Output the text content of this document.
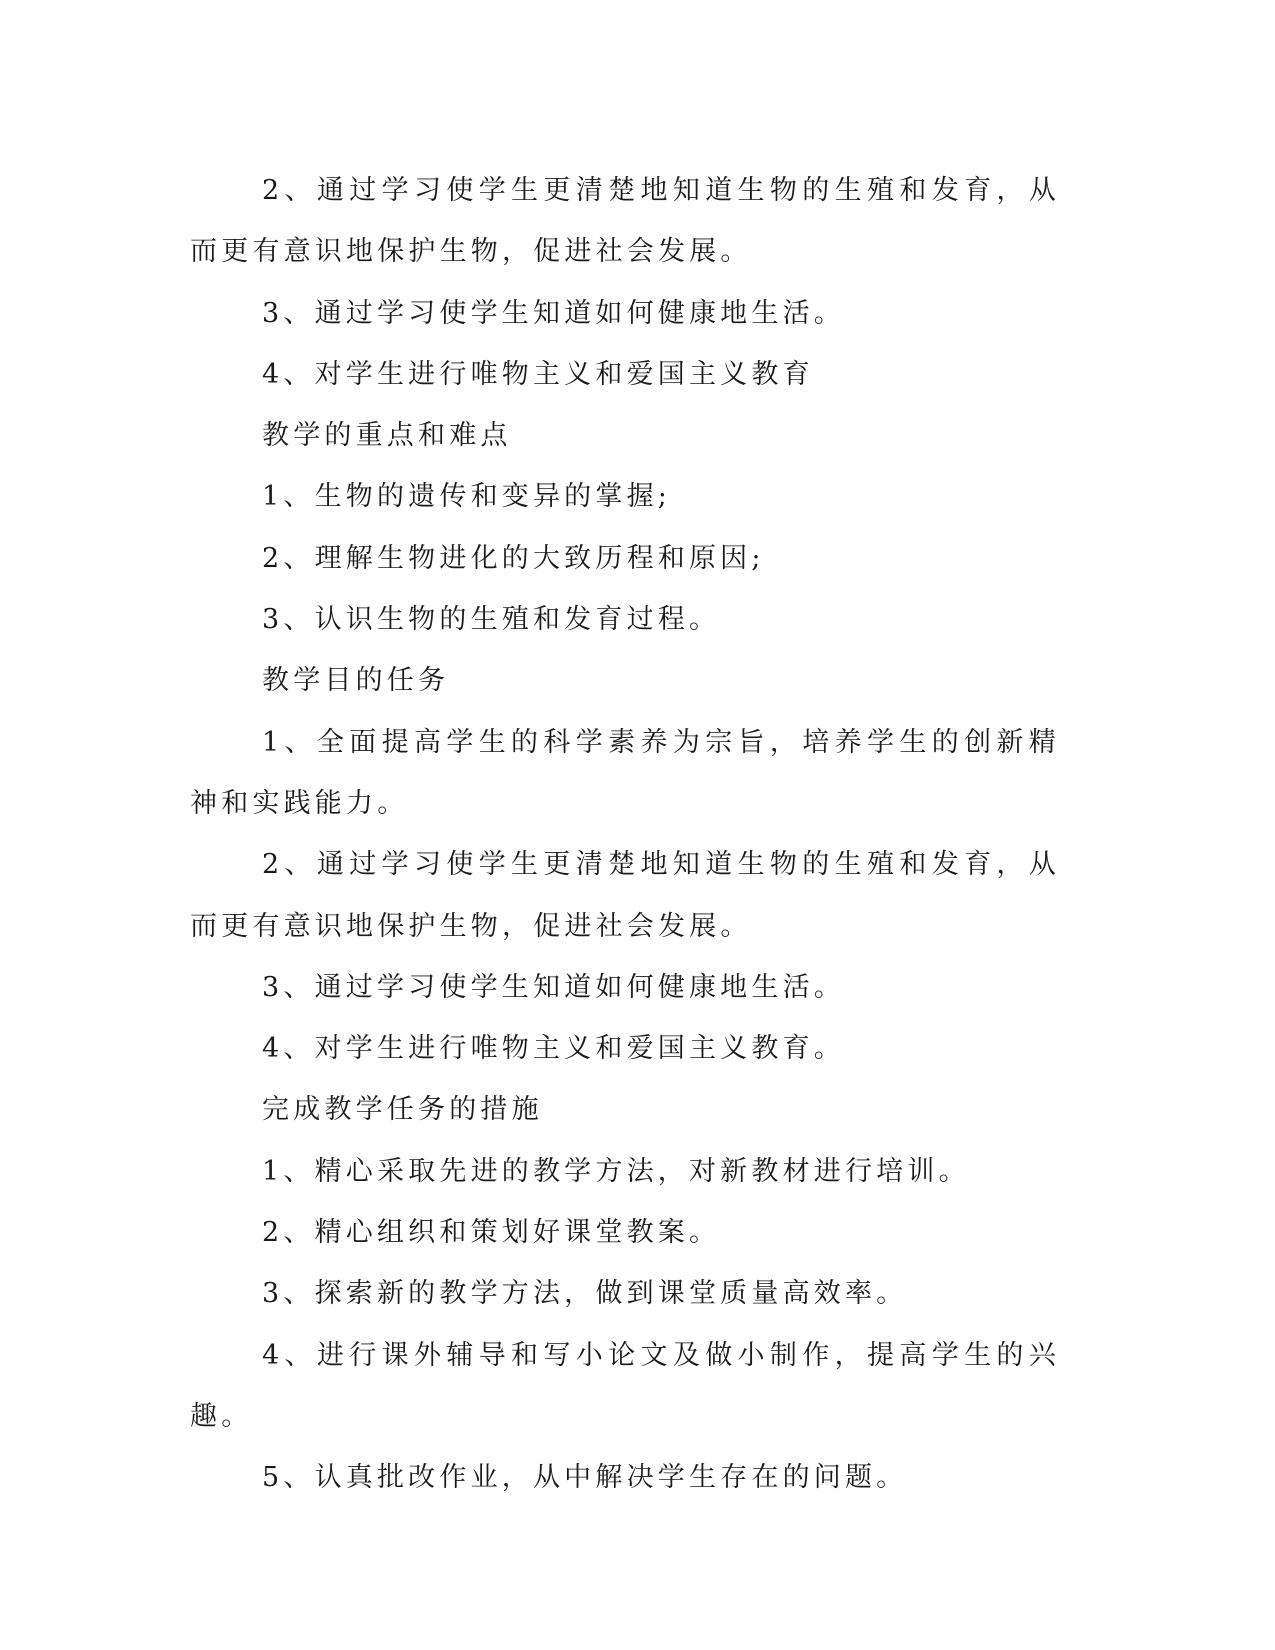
2、通过学习使学生更清楚地知道生物的生殖和发育，从而更有意识地保护生物，促进社会发展。

3、通过学习使学生知道如何健康地生活。

4、对学生进行唯物主义和爱国主义教育

教学的重点和难点

1、生物的遗传和变异的掌握;

2、理解生物进化的大致历程和原因;

3、认识生物的生殖和发育过程。

教学目的任务

1、全面提高学生的科学素养为宗旨，培养学生的创新精神和实践能力。

2、通过学习使学生更清楚地知道生物的生殖和发育，从而更有意识地保护生物，促进社会发展。

3、通过学习使学生知道如何健康地生活。

4、对学生进行唯物主义和爱国主义教育。

完成教学任务的措施

1、精心采取先进的教学方法，对新教材进行培训。

2、精心组织和策划好课堂教案。

3、探索新的教学方法，做到课堂质量高效率。

4、进行课外辅导和写小论文及做小制作，提高学生的兴趣。

5、认真批改作业，从中解决学生存在的问题。
